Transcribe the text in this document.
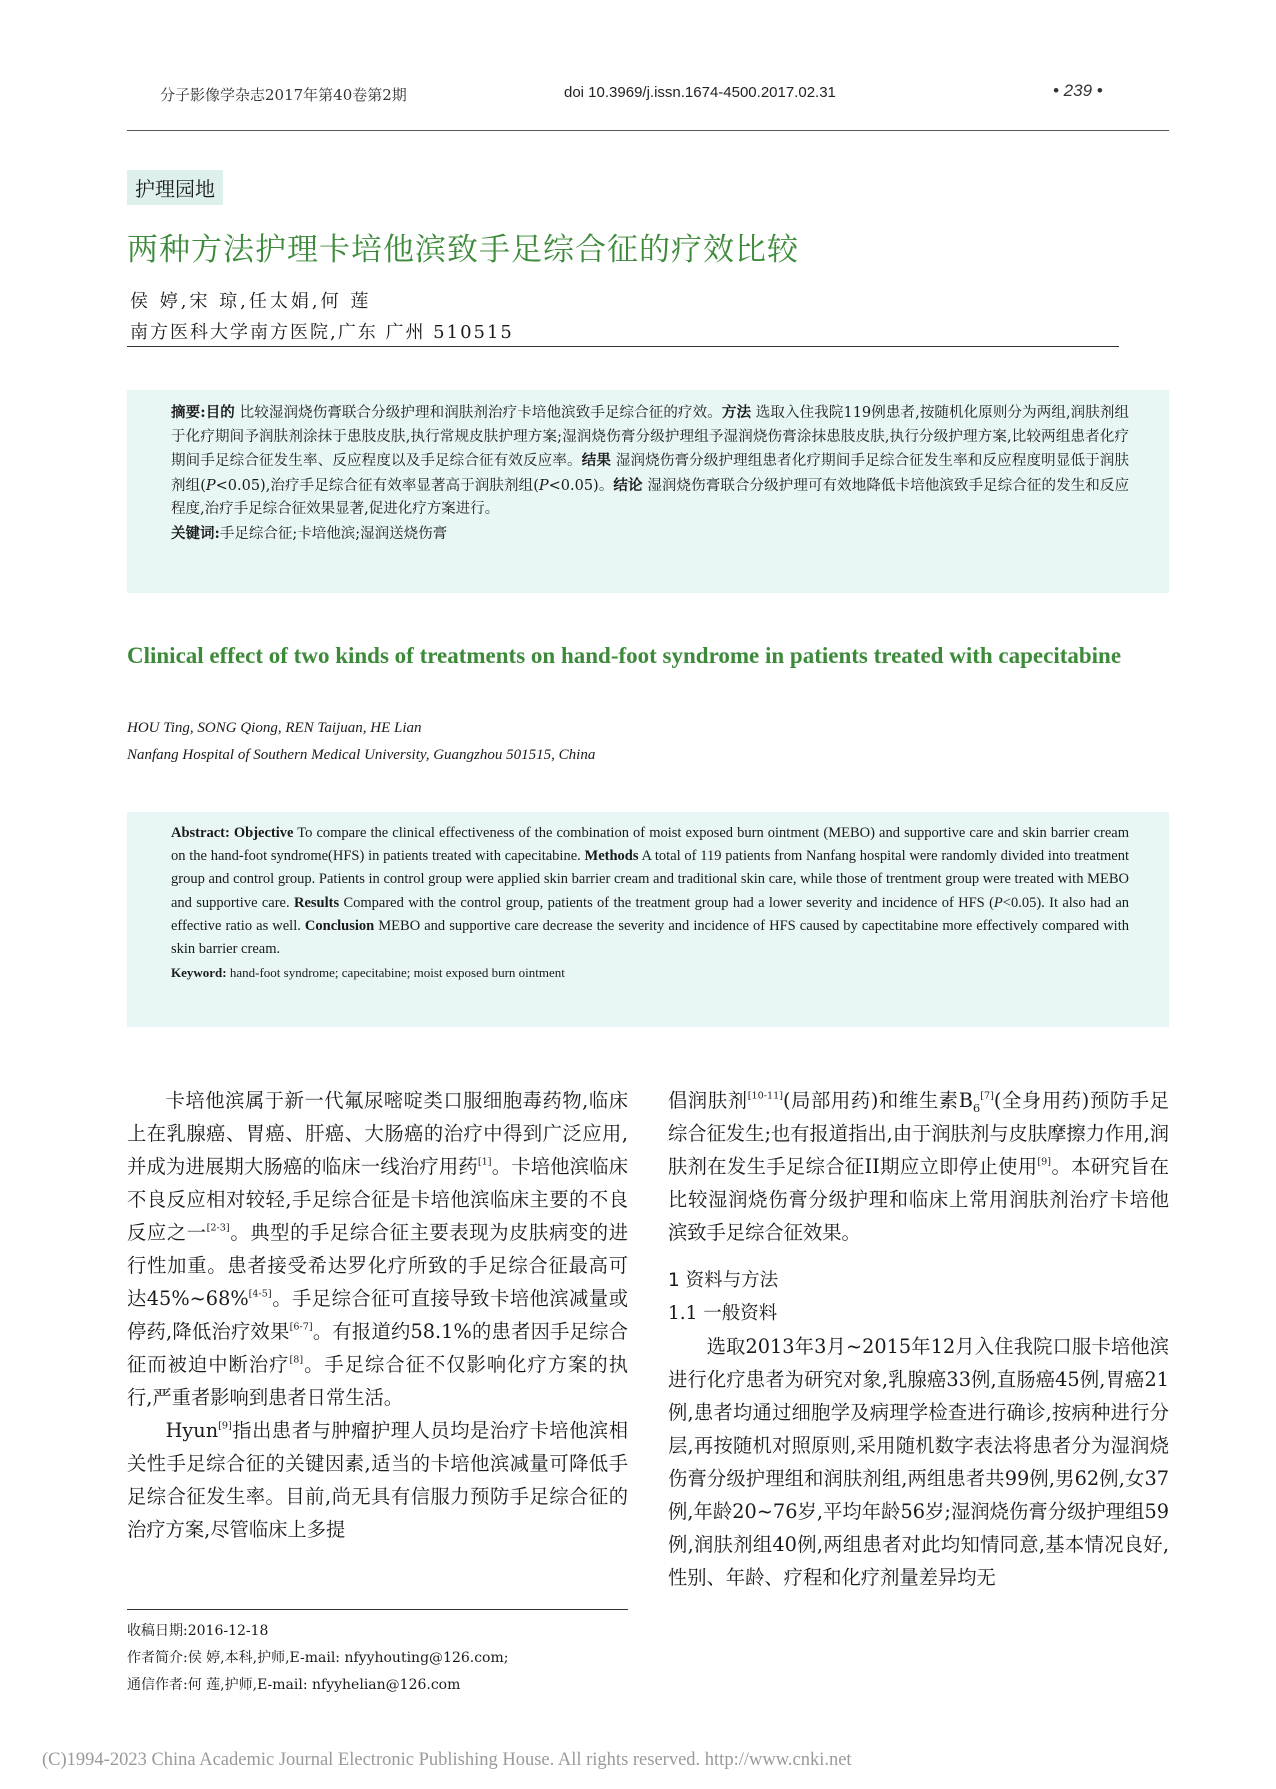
分子影像学杂志2017年第40卷第2期	doi 10.3969/j.issn.1674-4500.2017.02.31	• 239 •
护理园地
两种方法护理卡培他滨致手足综合征的疗效比较
侯 婷,宋 琼,任太娟,何 莲
南方医科大学南方医院,广东 广州 510515

摘要:目的 比较湿润烧伤膏联合分级护理和润肤剂治疗卡培他滨致手足综合征的疗效。方法 选取入住我院119例患者,按随机化原则分为两组,润肤剂组于化疗期间予润肤剂涂抹于患肢皮肤,执行常规皮肤护理方案;湿润烧伤膏分级护理组予湿润烧伤膏涂抹患肢皮肤,执行分级护理方案,比较两组患者化疗期间手足综合征发生率、反应程度以及手足综合征有效反应率。结果 湿润烧伤膏分级护理组患者化疗期间手足综合征发生率和反应程度明显低于润肤剂组(P<0.05),治疗手足综合征有效率显著高于润肤剂组(P<0.05)。结论 湿润烧伤膏联合分级护理可有效地降低卡培他滨致手足综合征的发生和反应程度,治疗手足综合征效果显著,促进化疗方案进行。

关键词:手足综合征;卡培他滨;湿润送烧伤膏

Clinical effect of two kinds of treatments on hand-foot syndrome in patients treated with capecitabine
HOU Ting, SONG Qiong, REN Taijuan, HE Lian
Nanfang Hospital of Southern Medical University, Guangzhou 501515, China

Abstract: Objective To compare the clinical effectiveness of the combination of moist exposed burn ointment (MEBO) and supportive care and skin barrier cream on the hand-foot syndrome(HFS) in patients treated with capecitabine. Methods A total of 119 patients from Nanfang hospital were randomly divided into treatment group and control group. Patients in control group were applied skin barrier cream and traditional skin care, while those of trentment group were treated with MEBO and supportive care. Results Compared with the control group, patients of the treatment group had a lower severity and incidence of HFS (P<0.05). It also had an effective ratio as well. Conclusion MEBO and supportive care decrease the severity and incidence of HFS caused by capectitabine more effectively compared with skin barrier cream.

Keyword: hand-foot syndrome; capecitabine; moist exposed burn ointment

卡培他滨属于新一代氟尿嘧啶类口服细胞毒药物,临床上在乳腺癌、胃癌、肝癌、大肠癌的治疗中得到广泛应用,并成为进展期大肠癌的临床一线治疗用药[1]。卡培他滨临床不良反应相对较轻,手足综合征是卡培他滨临床主要的不良反应之一[2-3]。典型的手足综合征主要表现为皮肤病变的进行性加重。患者接受希达罗化疗所致的手足综合征最高可达45%~68%[4-5]。手足综合征可直接导致卡培他滨减量或停药,降低治疗效果[6-7]。有报道约58.1%的患者因手足综合征而被迫中断治疗[8]。手足综合征不仅影响化疗方案的执行,严重者影响到患者日常生活。

Hyun[9]指出患者与肿瘤护理人员均是治疗卡培他滨相关性手足综合征的关键因素,适当的卡培他滨减量可降低手足综合征发生率。目前,尚无具有信服力预防手足综合征的治疗方案,尽管临床上多提

倡润肤剂[10-11](局部用药)和维生素$B_6[7]$(全身用药)预防手足综合征发生;也有报道指出,由于润肤剂与皮肤摩擦力作用,润肤剂在发生手足综合征II期应立即停止使用[9]。本研究旨在比较湿润烧伤膏分级护理和临床上常用润肤剂治疗卡培他滨致手足综合征效果。

1 资料与方法

1.1 一般资料

选取2013年3月~2015年12月入住我院口服卡培他滨进行化疗患者为研究对象,乳腺癌33例,直肠癌45例,胃癌21例,患者均通过细胞学及病理学检查进行确诊,按病种进行分层,再按随机对照原则,采用随机数字表法将患者分为湿润烧伤膏分级护理组和润肤剂组,两组患者共99例,男62例,女37例,年龄20~76岁,平均年龄56岁;湿润烧伤膏分级护理组59例,润肤剂组40例,两组患者对此均知情同意,基本情况良好,性别、年龄、疗程和化疗剂量差异均无

收稿日期:2016-12-18
作者简介:侯 婷,本科,护师,E-mail: nfyyhouting@126.com;
通信作者:何 莲,护师,E-mail: nfyyhelian@126.com
(C)1994-2023 China Academic Journal Electronic Publishing House. All rights reserved. http://www.cnki.net
